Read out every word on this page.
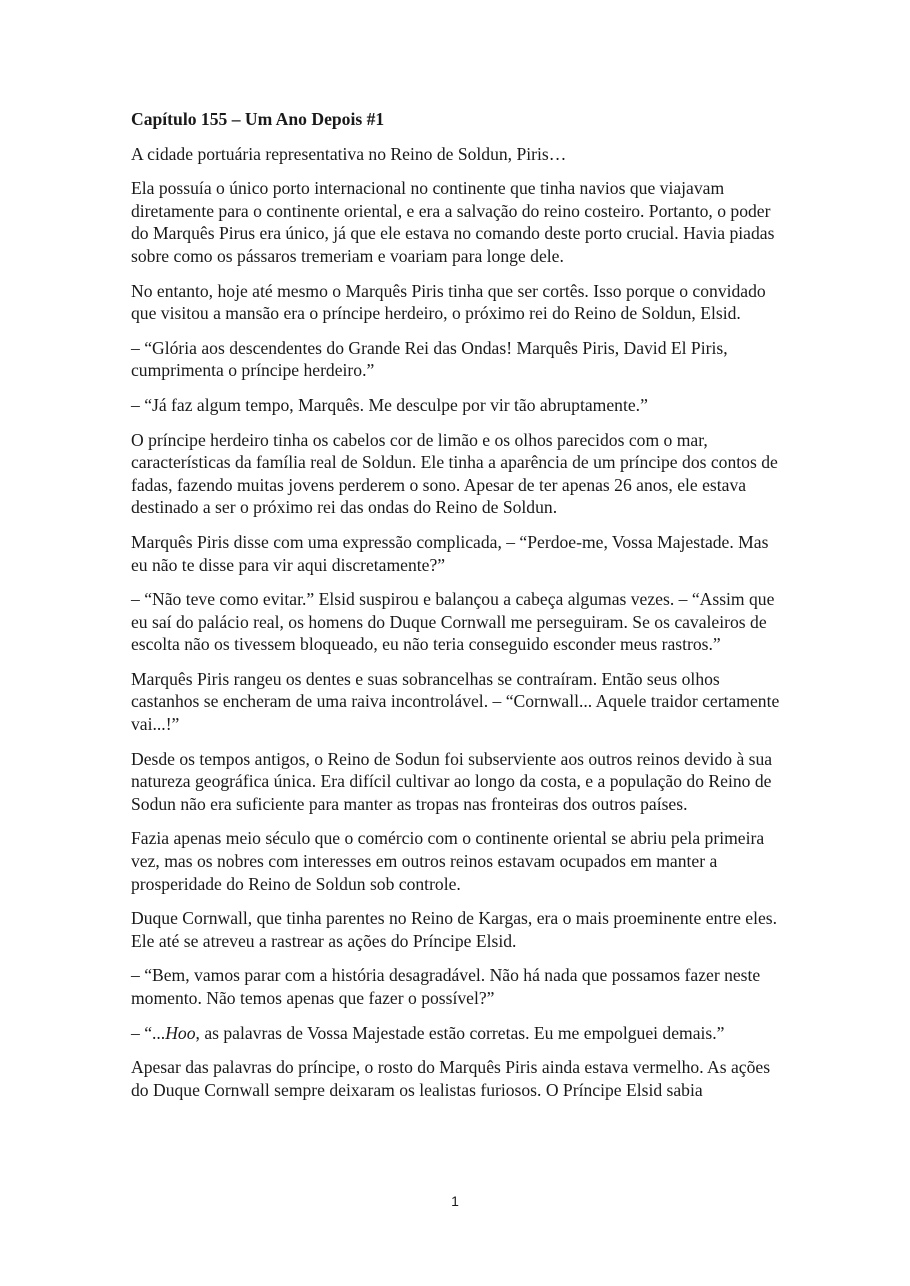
Capítulo 155 – Um Ano Depois #1

A cidade portuária representativa no Reino de Soldun, Piris…

Ela possuía o único porto internacional no continente que tinha navios que viajavam diretamente para o continente oriental, e era a salvação do reino costeiro. Portanto, o poder do Marquês Pirus era único, já que ele estava no comando deste porto crucial. Havia piadas sobre como os pássaros tremeriam e voariam para longe dele.

No entanto, hoje até mesmo o Marquês Piris tinha que ser cortês. Isso porque o convidado que visitou a mansão era o príncipe herdeiro, o próximo rei do Reino de Soldun, Elsid.

– “Glória aos descendentes do Grande Rei das Ondas! Marquês Piris, David El Piris, cumprimenta o príncipe herdeiro.”

– “Já faz algum tempo, Marquês. Me desculpe por vir tão abruptamente.”

O príncipe herdeiro tinha os cabelos cor de limão e os olhos parecidos com o mar, características da família real de Soldun. Ele tinha a aparência de um príncipe dos contos de fadas, fazendo muitas jovens perderem o sono. Apesar de ter apenas 26 anos, ele estava destinado a ser o próximo rei das ondas do Reino de Soldun.

Marquês Piris disse com uma expressão complicada, – “Perdoe-me, Vossa Majestade. Mas eu não te disse para vir aqui discretamente?”

– “Não teve como evitar.” Elsid suspirou e balançou a cabeça algumas vezes. – “Assim que eu saí do palácio real, os homens do Duque Cornwall me perseguiram. Se os cavaleiros de escolta não os tivessem bloqueado, eu não teria conseguido esconder meus rastros.”

Marquês Piris rangeu os dentes e suas sobrancelhas se contraíram. Então seus olhos castanhos se encheram de uma raiva incontrolável. – “Cornwall... Aquele traidor certamente vai...!”

Desde os tempos antigos, o Reino de Sodun foi subserviente aos outros reinos devido à sua natureza geográfica única. Era difícil cultivar ao longo da costa, e a população do Reino de Sodun não era suficiente para manter as tropas nas fronteiras dos outros países.

Fazia apenas meio século que o comércio com o continente oriental se abriu pela primeira vez, mas os nobres com interesses em outros reinos estavam ocupados em manter a prosperidade do Reino de Soldun sob controle.

Duque Cornwall, que tinha parentes no Reino de Kargas, era o mais proeminente entre eles. Ele até se atreveu a rastrear as ações do Príncipe Elsid.

– “Bem, vamos parar com a história desagradável. Não há nada que possamos fazer neste momento. Não temos apenas que fazer o possível?”

– “...Hoo, as palavras de Vossa Majestade estão corretas. Eu me empolguei demais.”

Apesar das palavras do príncipe, o rosto do Marquês Piris ainda estava vermelho. As ações do Duque Cornwall sempre deixaram os lealistas furiosos. O Príncipe Elsid sabia

1
